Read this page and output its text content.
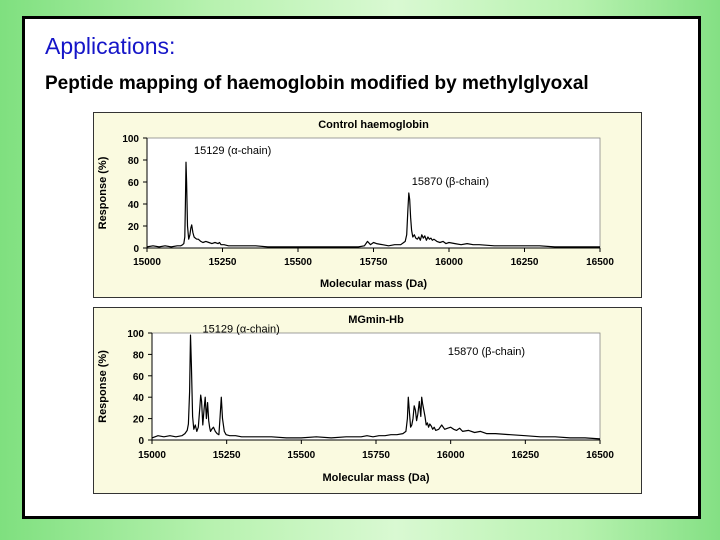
Applications:
Peptide mapping of haemoglobin modified by methylglyoxal
Control haemoglobin
0
20
40
60
80
100
15000	15250	15500	15750	16000	16250	16500
Molecular mass (Da)
Response (%)
15129 (α-chain)
15870 (β-chain)
MGmin-Hb
0
20
40
60
80
100
15000	15250	15500	15750	16000	16250	16500
Molecular mass (Da)
Response (%)
15129 (α-chain)
15870 (β-chain)
